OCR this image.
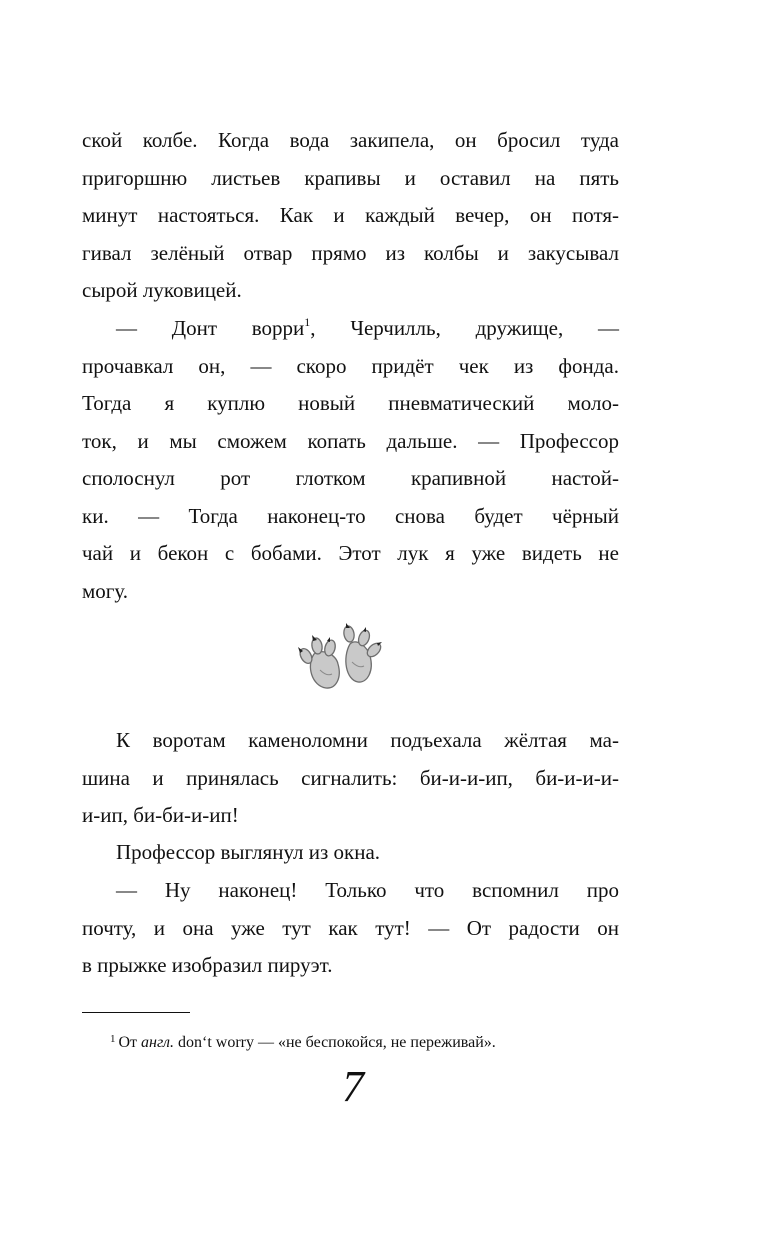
ской колбе. Когда вода закипела, он бросил туда
пригоршню листьев крапивы и оставил на пять
минут настояться. Как и каждый вечер, он потя-
гивал зелёный отвар прямо из колбы и закусывал
сырой луковицей.
— Донт ворри$^1$, Черчилль, дружище, —
прочавкал он, — скоро придёт чек из фонда.
Тогда я куплю новый пневматический моло-
ток, и мы сможем копать дальше. — Профессор
сполоснул рот глотком крапивной настой-
ки. — Тогда наконец-то снова будет чёрный
чай и бекон с бобами. Этот лук я уже видеть не
могу.
К воротам каменоломни подъехала жёлтая ма-
шина и принялась сигналить: би-и-и-ип, би-и-и-и-
и-ип, би-би-и-ип!
Профессор выглянул из окна.
— Ну наконец! Только что вспомнил про
почту, и она уже тут как тут! — От радости он
в прыжке изобразил пируэт.
$^1$ От англ. don‘t worry — «не беспокойся, не переживай».
7
